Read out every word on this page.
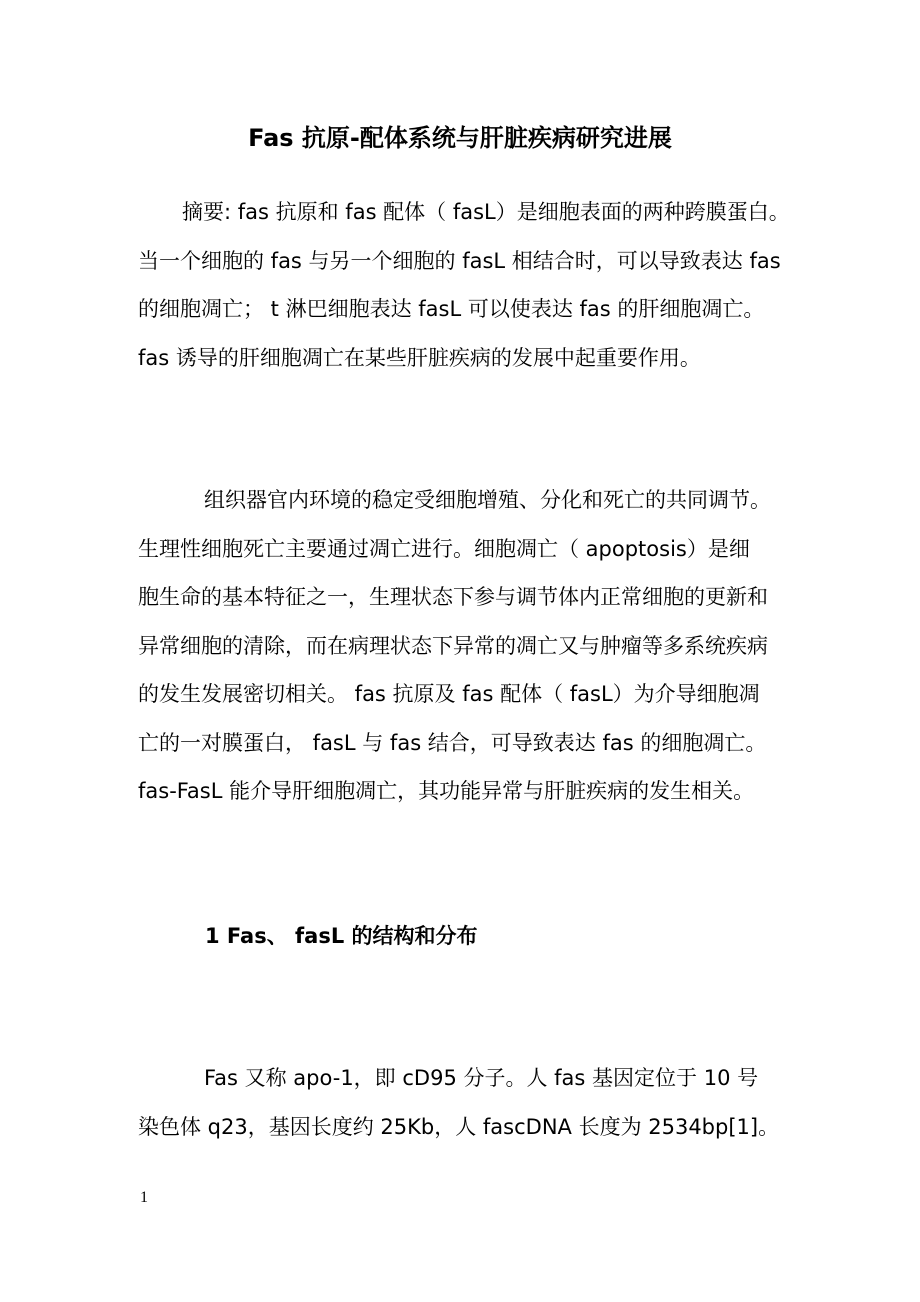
Fas 抗原-配体系统与肝脏疾病研究进展
摘要: fas 抗原和 fas 配体（ fasL）是细胞表面的两种跨膜蛋白。
当一个细胞的 fas 与另一个细胞的 fasL 相结合时，可以导致表达 fas
的细胞凋亡； t 淋巴细胞表达 fasL 可以使表达 fas 的肝细胞凋亡。
fas 诱导的肝细胞凋亡在某些肝脏疾病的发展中起重要作用。
组织器官内环境的稳定受细胞增殖、分化和死亡的共同调节。
生理性细胞死亡主要通过凋亡进行。细胞凋亡（ apoptosis）是细
胞生命的基本特征之一，生理状态下参与调节体内正常细胞的更新和
异常细胞的清除，而在病理状态下异常的凋亡又与肿瘤等多系统疾病
的发生发展密切相关。 fas 抗原及 fas 配体（ fasL）为介导细胞凋
亡的一对膜蛋白， fasL 与 fas 结合，可导致表达 fas 的细胞凋亡。
fas-FasL 能介导肝细胞凋亡，其功能异常与肝脏疾病的发生相关。
1 Fas、 fasL 的结构和分布
Fas 又称 apo-1，即 cD95 分子。人 fas 基因定位于 10 号
染色体 q23，基因长度约 25Kb，人 fascDNA 长度为 2534bp[1]。
1
